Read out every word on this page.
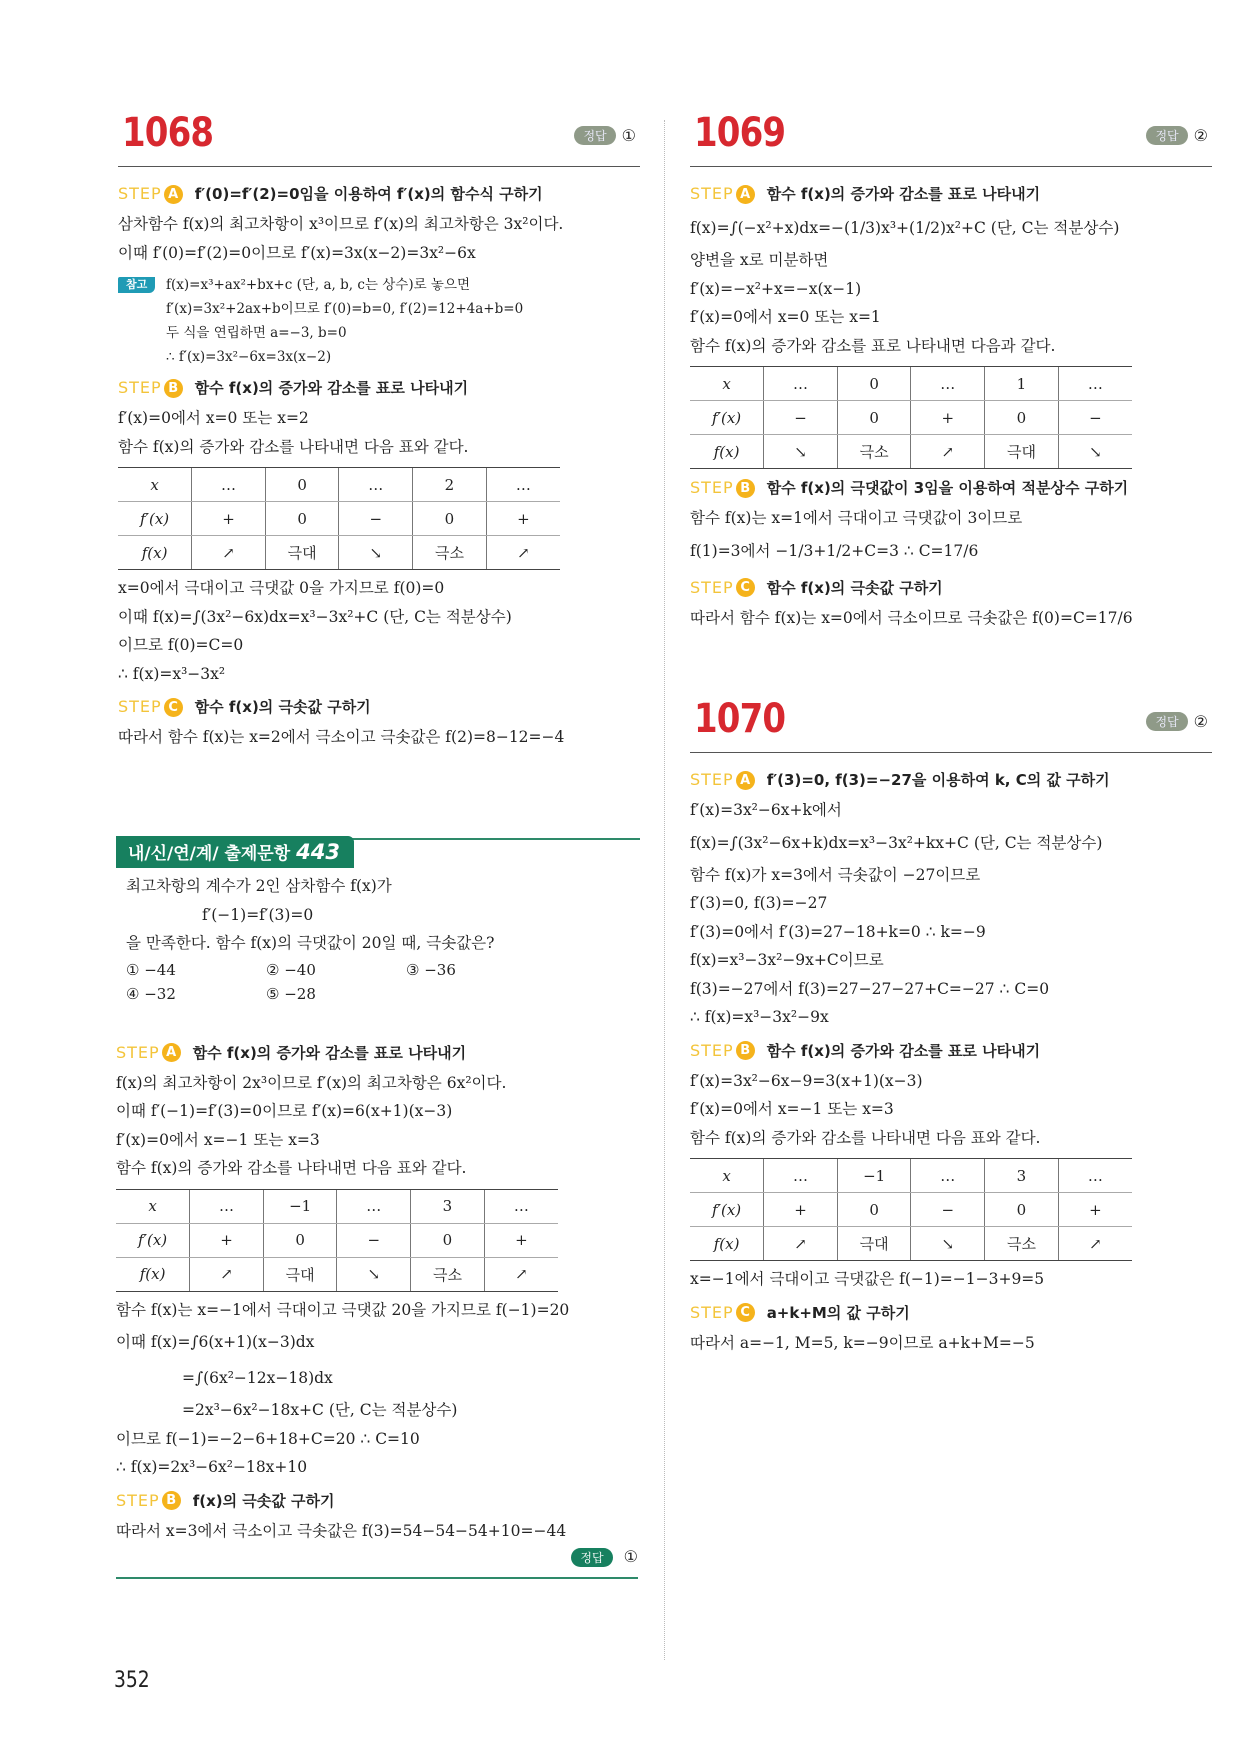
1068	정답 ①
STEP A f′(0)=f′(2)=0임을 이용하여 f′(x)의 함수식 구하기
삼차함수 f(x)의 최고차항이 x³이므로 f′(x)의 최고차항은 3x²이다.
이때 f′(0)=f′(2)=0이므로 f′(x)=3x(x−2)=3x²−6x
참고	f(x)=x³+ax²+bx+c (단, a, b, c는 상수)로 놓으면
f′(x)=3x²+2ax+b이므로 f′(0)=b=0, f′(2)=12+4a+b=0
두 식을 연립하면 a=−3, b=0
∴ f′(x)=3x²−6x=3x(x−2)
STEP B	함수 f(x)의 증가와 감소를 표로 나타내기
f′(x)=0에서 x=0 또는 x=2
함수 f(x)의 증가와 감소를 나타내면 다음 표와 같다.
x	…	0	…	2	…
f′(x)	+	0	−	0	+
f(x)	↗	극대	↘	극소	↗
x=0에서 극대이고 극댓값 0을 가지므로 f(0)=0
이때 f(x)=∫(3x²−6x)dx=x³−3x²+C (단, C는 적분상수)
이므로 f(0)=C=0
∴ f(x)=x³−3x²
STEP C	함수 f(x)의 극솟값 구하기
따라서 함수 f(x)는 x=2에서 극소이고 극솟값은 f(2)=8−12=−4
내/신/연/계/ 출제문항 443
최고차항의 계수가 2인 삼차함수 f(x)가
f′(−1)=f′(3)=0
을 만족한다. 함수 f(x)의 극댓값이 20일 때, 극솟값은?
① −44	② −40	③ −36
④ −32	⑤ −28
STEP A 함수 f(x)의 증가와 감소를 표로 나타내기
f(x)의 최고차항이 2x³이므로 f′(x)의 최고차항은 6x²이다.
이때 f′(−1)=f′(3)=0이므로 f′(x)=6(x+1)(x−3)
f′(x)=0에서 x=−1 또는 x=3
함수 f(x)의 증가와 감소를 나타내면 다음 표와 같다.
x	…	−1	…	3	…
f′(x)	+	0	−	0	+
f(x)	↗	극대	↘	극소	↗
함수 f(x)는 x=−1에서 극대이고 극댓값 20을 가지므로 f(−1)=20
이때 f(x)=∫6(x+1)(x−3)dx
=∫(6x²−12x−18)dx
=2x³−6x²−18x+C (단, C는 적분상수)
이므로 f(−1)=−2−6+18+C=20 ∴ C=10
∴ f(x)=2x³−6x²−18x+10
STEP B	f(x)의 극솟값 구하기
따라서 x=3에서 극소이고 극솟값은 f(3)=54−54−54+10=−44
정답 ①
1069	정답 ②
STEP A 함수 f(x)의 증가와 감소를 표로 나타내기
f(x)=∫(−x²+x)dx=−(1/3)x³+(1/2)x²+C (단, C는 적분상수)
양변을 x로 미분하면
f′(x)=−x²+x=−x(x−1)
f′(x)=0에서 x=0 또는 x=1
함수 f(x)의 증가와 감소를 표로 나타내면 다음과 같다.
x	…	0	…	1	…
f′(x)	−	0	+	0	−
f(x)	↘	극소	↗	극대	↘
STEP B	함수 f(x)의 극댓값이 3임을 이용하여 적분상수 구하기
함수 f(x)는 x=1에서 극대이고 극댓값이 3이므로
f(1)=3에서 −1/3+1/2+C=3 ∴ C=17/6
STEP C	함수 f(x)의 극솟값 구하기
따라서 함수 f(x)는 x=0에서 극소이므로 극솟값은 f(0)=C=17/6
1070	정답 ②
STEP A f′(3)=0, f(3)=−27을 이용하여 k, C의 값 구하기
f′(x)=3x²−6x+k에서
f(x)=∫(3x²−6x+k)dx=x³−3x²+kx+C (단, C는 적분상수)
함수 f(x)가 x=3에서 극솟값이 −27이므로
f′(3)=0, f(3)=−27
f′(3)=0에서 f′(3)=27−18+k=0 ∴ k=−9
f(x)=x³−3x²−9x+C이므로
f(3)=−27에서 f(3)=27−27−27+C=−27 ∴ C=0
∴ f(x)=x³−3x²−9x
STEP B	함수 f(x)의 증가와 감소를 표로 나타내기
f′(x)=3x²−6x−9=3(x+1)(x−3)
f′(x)=0에서 x=−1 또는 x=3
함수 f(x)의 증가와 감소를 나타내면 다음 표와 같다.
x	…	−1	…	3	…
f′(x)	+	0	−	0	+
f(x)	↗	극대	↘	극소	↗
x=−1에서 극대이고 극댓값은 f(−1)=−1−3+9=5
STEP C	a+k+M의 값 구하기
따라서 a=−1, M=5, k=−9이므로 a+k+M=−5
352
